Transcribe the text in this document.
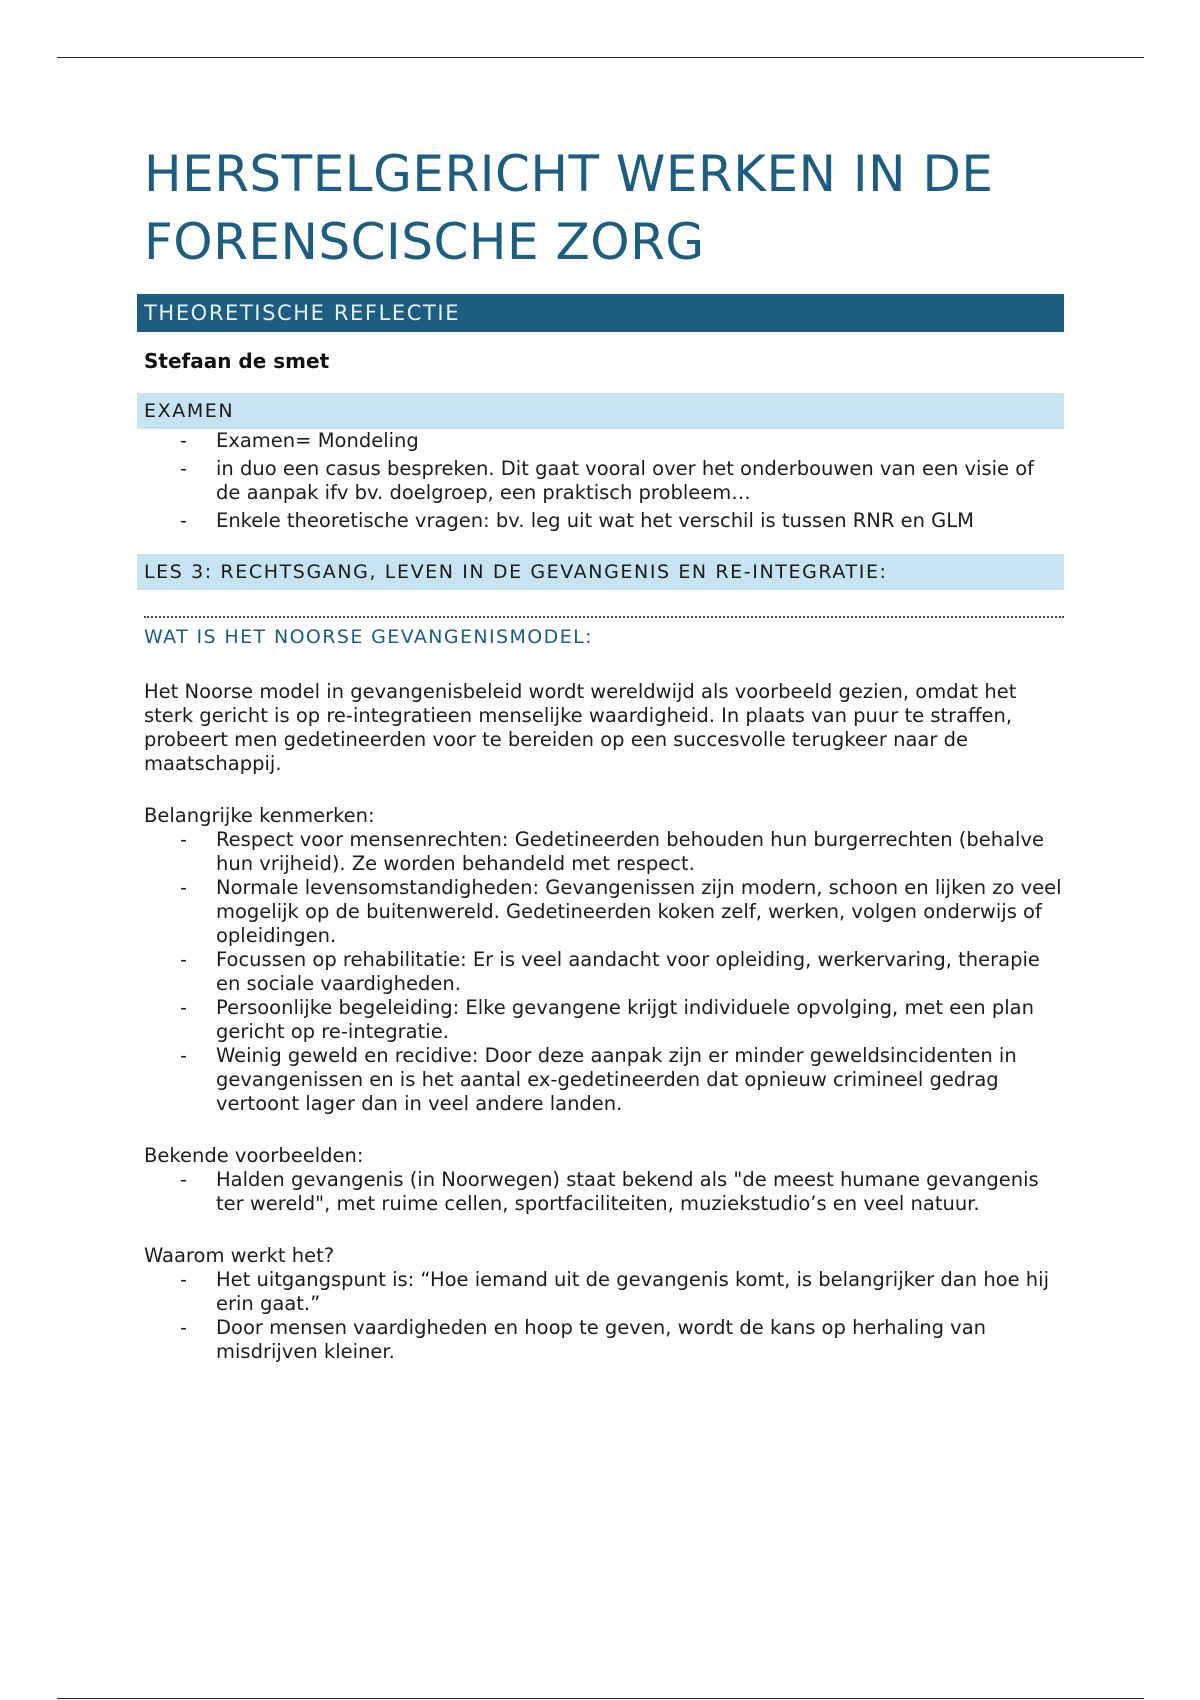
HERSTELGERICHT WERKEN IN DE
FORENSCISCHE ZORG
THEORETISCHE REFLECTIE
Stefaan de smet
EXAMEN
- Examen= Mondeling
- in duo een casus bespreken. Dit gaat vooral over het onderbouwen van een visie of de aanpak ifv bv. doelgroep, een praktisch probleem…
- Enkele theoretische vragen: bv. leg uit wat het verschil is tussen RNR en GLM
LES 3: RECHTSGANG, LEVEN IN DE GEVANGENIS EN RE-INTEGRATIE:
WAT IS HET NOORSE GEVANGENISMODEL:

Het Noorse model in gevangenisbeleid wordt wereldwijd als voorbeeld gezien, omdat het sterk gericht is op re-integratieen menselijke waardigheid. In plaats van puur te straffen, probeert men gedetineerden voor te bereiden op een succesvolle terugkeer naar de maatschappij.

Belangrijke kenmerken:

- Respect voor mensenrechten: Gedetineerden behouden hun burgerrechten (behalve hun vrijheid). Ze worden behandeld met respect.
- Normale levensomstandigheden: Gevangenissen zijn modern, schoon en lijken zo veel mogelijk op de buitenwereld. Gedetineerden koken zelf, werken, volgen onderwijs of opleidingen.
- Focussen op rehabilitatie: Er is veel aandacht voor opleiding, werkervaring, therapie en sociale vaardigheden.
- Persoonlijke begeleiding: Elke gevangene krijgt individuele opvolging, met een plan gericht op re-integratie.
- Weinig geweld en recidive: Door deze aanpak zijn er minder geweldsincidenten in gevangenissen en is het aantal ex-gedetineerden dat opnieuw crimineel gedrag vertoont lager dan in veel andere landen.

Bekende voorbeelden:

- Halden gevangenis (in Noorwegen) staat bekend als "de meest humane gevangenis ter wereld", met ruime cellen, sportfaciliteiten, muziekstudio’s en veel natuur.

Waarom werkt het?

- Het uitgangspunt is: “Hoe iemand uit de gevangenis komt, is belangrijker dan hoe hij erin gaat.”
- Door mensen vaardigheden en hoop te geven, wordt de kans op herhaling van misdrijven kleiner.
